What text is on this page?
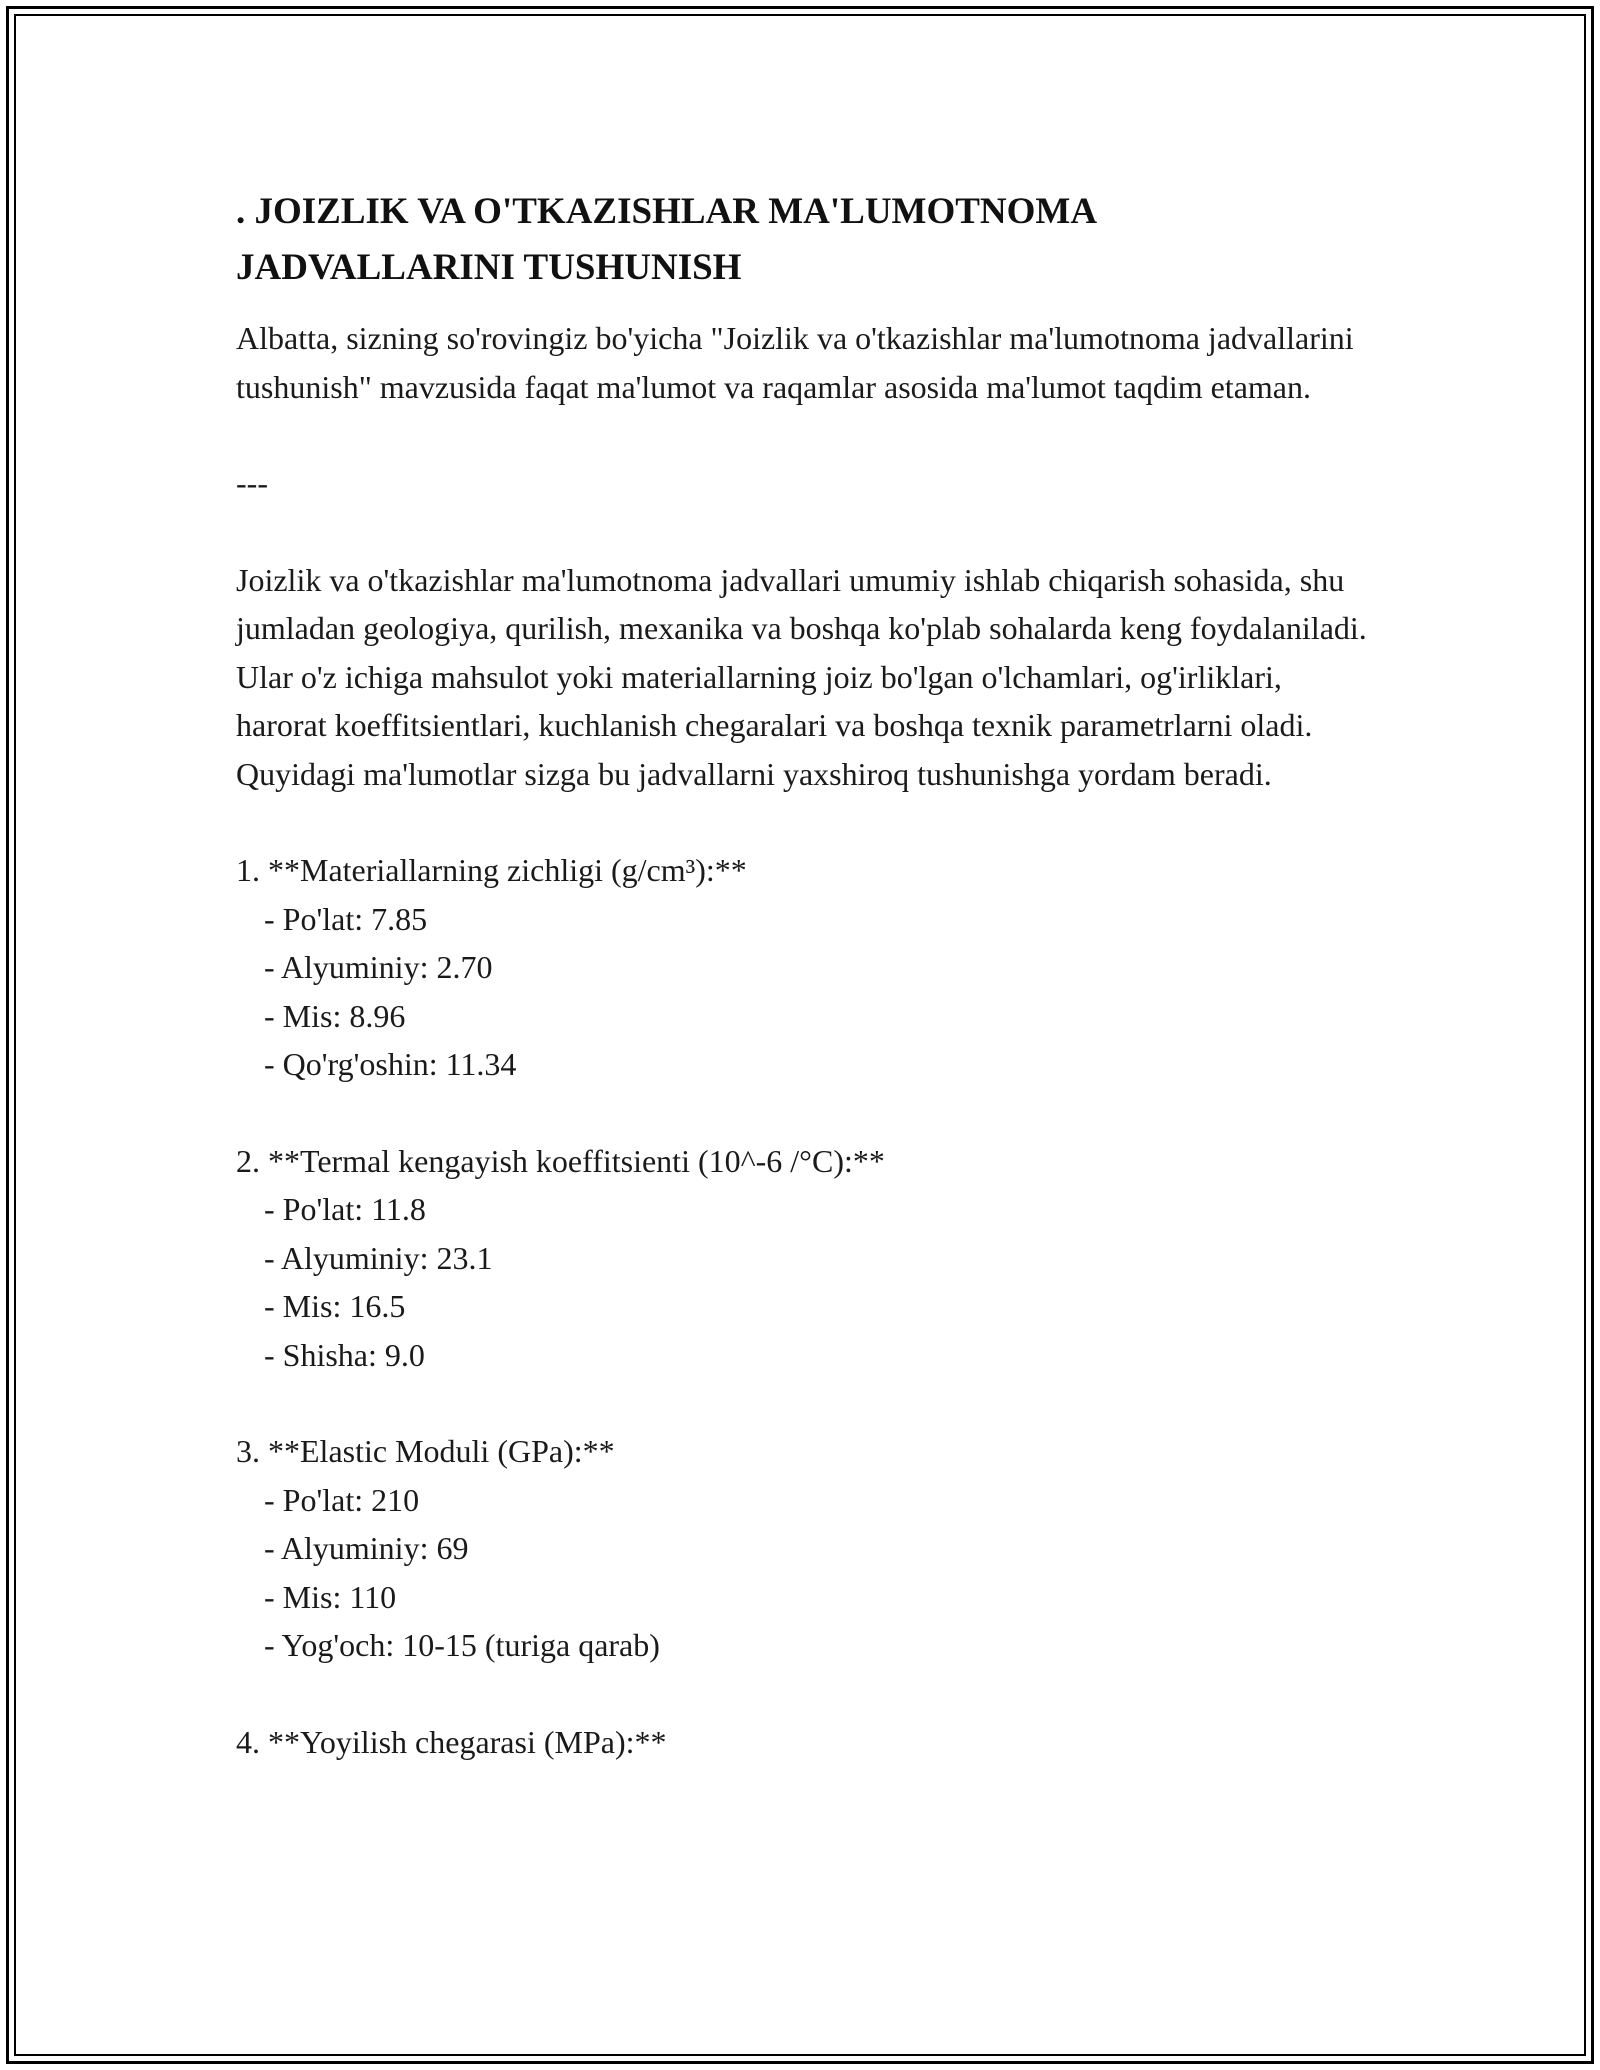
. JOIZLIK VA O'TKAZISHLAR MA'LUMOTNOMA JADVALLARINI TUSHUNISH

Albatta, sizning so'rovingiz bo'yicha "Joizlik va o'tkazishlar ma'lumotnoma jadvallarini tushunish" mavzusida faqat ma'lumot va raqamlar asosida ma'lumot taqdim etaman.

---

Joizlik va o'tkazishlar ma'lumotnoma jadvallari umumiy ishlab chiqarish sohasida, shu jumladan geologiya, qurilish, mexanika va boshqa ko'plab sohalarda keng foydalaniladi. Ular o'z ichiga mahsulot yoki materiallarning joiz bo'lgan o'lchamlari, og'irliklari, harorat koeffitsientlari, kuchlanish chegaralari va boshqa texnik parametrlarni oladi. Quyidagi ma'lumotlar sizga bu jadvallarni yaxshiroq tushunishga yordam beradi.

1. **Materiallarning zichligi (g/cm³):**
- Po'lat: 7.85
- Alyuminiy: 2.70
- Mis: 8.96
- Qo'rg'oshin: 11.34
2. **Termal kengayish koeffitsienti (10^-6 /°C):**
- Po'lat: 11.8
- Alyuminiy: 23.1
- Mis: 16.5
- Shisha: 9.0
3. **Elastic Moduli (GPa):**
- Po'lat: 210
- Alyuminiy: 69
- Mis: 110
- Yog'och: 10-15 (turiga qarab)
4. **Yoyilish chegarasi (MPa):**
